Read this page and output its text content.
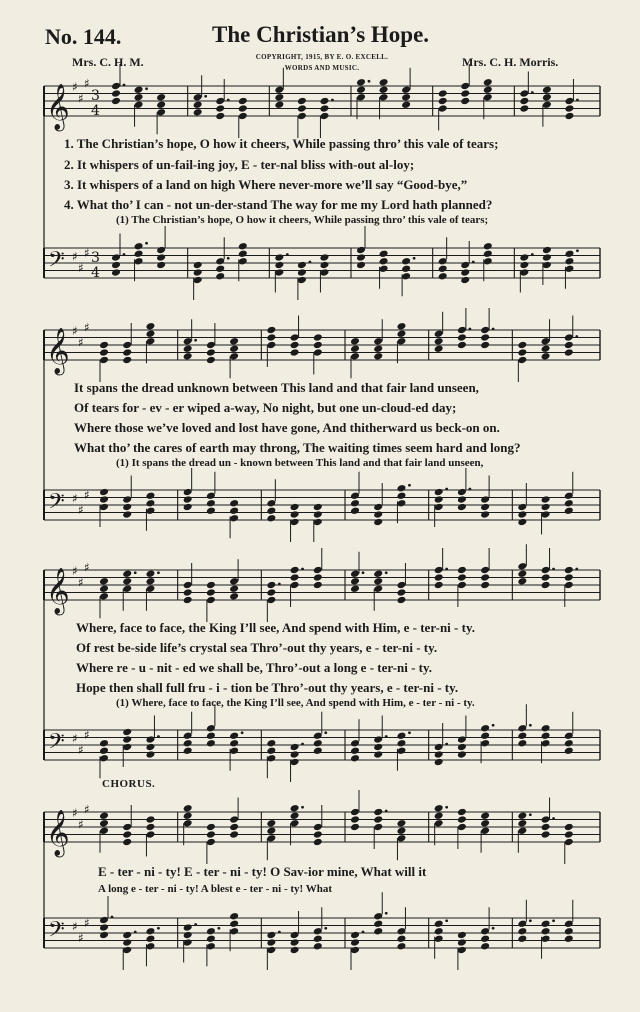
No. 144.	The Christian’s Hope.
COPYRIGHT, 1915, BY E. O. EXCELL.
WORDS AND MUSIC.
Mrs. C. H. M.	Mrs. C. H. Morris.
𝄞 ♯
♯
♯
3
4
𝄢 ♯
♯
♯ 3
4
𝄞 ♯
♯
♯
𝄢 ♯
♯
♯
𝄞 ♯
♯
♯
𝄢 ♯
♯
♯
𝄞 ♯
♯
♯
𝄢 ♯
♯
♯
1. The Christian’s hope, O how it cheers, While passing thro’ this vale of tears;
2. It whispers of un-fail-ing joy, E - ter-nal bliss with-out al-loy;
3. It whispers of a land on high Where never-more we’ll say “Good-bye,”
4. What tho’ I can - not un-der-stand The way for me my Lord hath planned?
(1) The Christian’s hope, O how it cheers, While passing thro’ this vale of tears;
It spans the dread unknown between This land and that fair land unseen,
Of tears for - ev - er wiped a-way, No night, but one un-cloud-ed day;
Where those we’ve loved and lost have gone, And thitherward us beck-on on.
What tho’ the cares of earth may throng, The waiting times seem hard and long?
(1) It spans the dread un - known between This land and that fair land unseen,
Where, face to face, the King I’ll see, And spend with Him, e - ter-ni - ty.
Of rest be-side life’s crystal sea Thro’-out thy years, e - ter-ni - ty.
Where re - u - nit - ed we shall be, Thro’-out a long e - ter-ni - ty.
Hope then shall full fru - i - tion be Thro’-out thy years, e - ter-ni - ty.
(1) Where, face to face, the King I’ll see, And spend with Him, e - ter - ni - ty.
CHORUS.
E - ter - ni - ty! E - ter - ni - ty! O Sav-ior mine, What will it
A long e - ter - ni - ty! A blest e - ter - ni - ty! What
